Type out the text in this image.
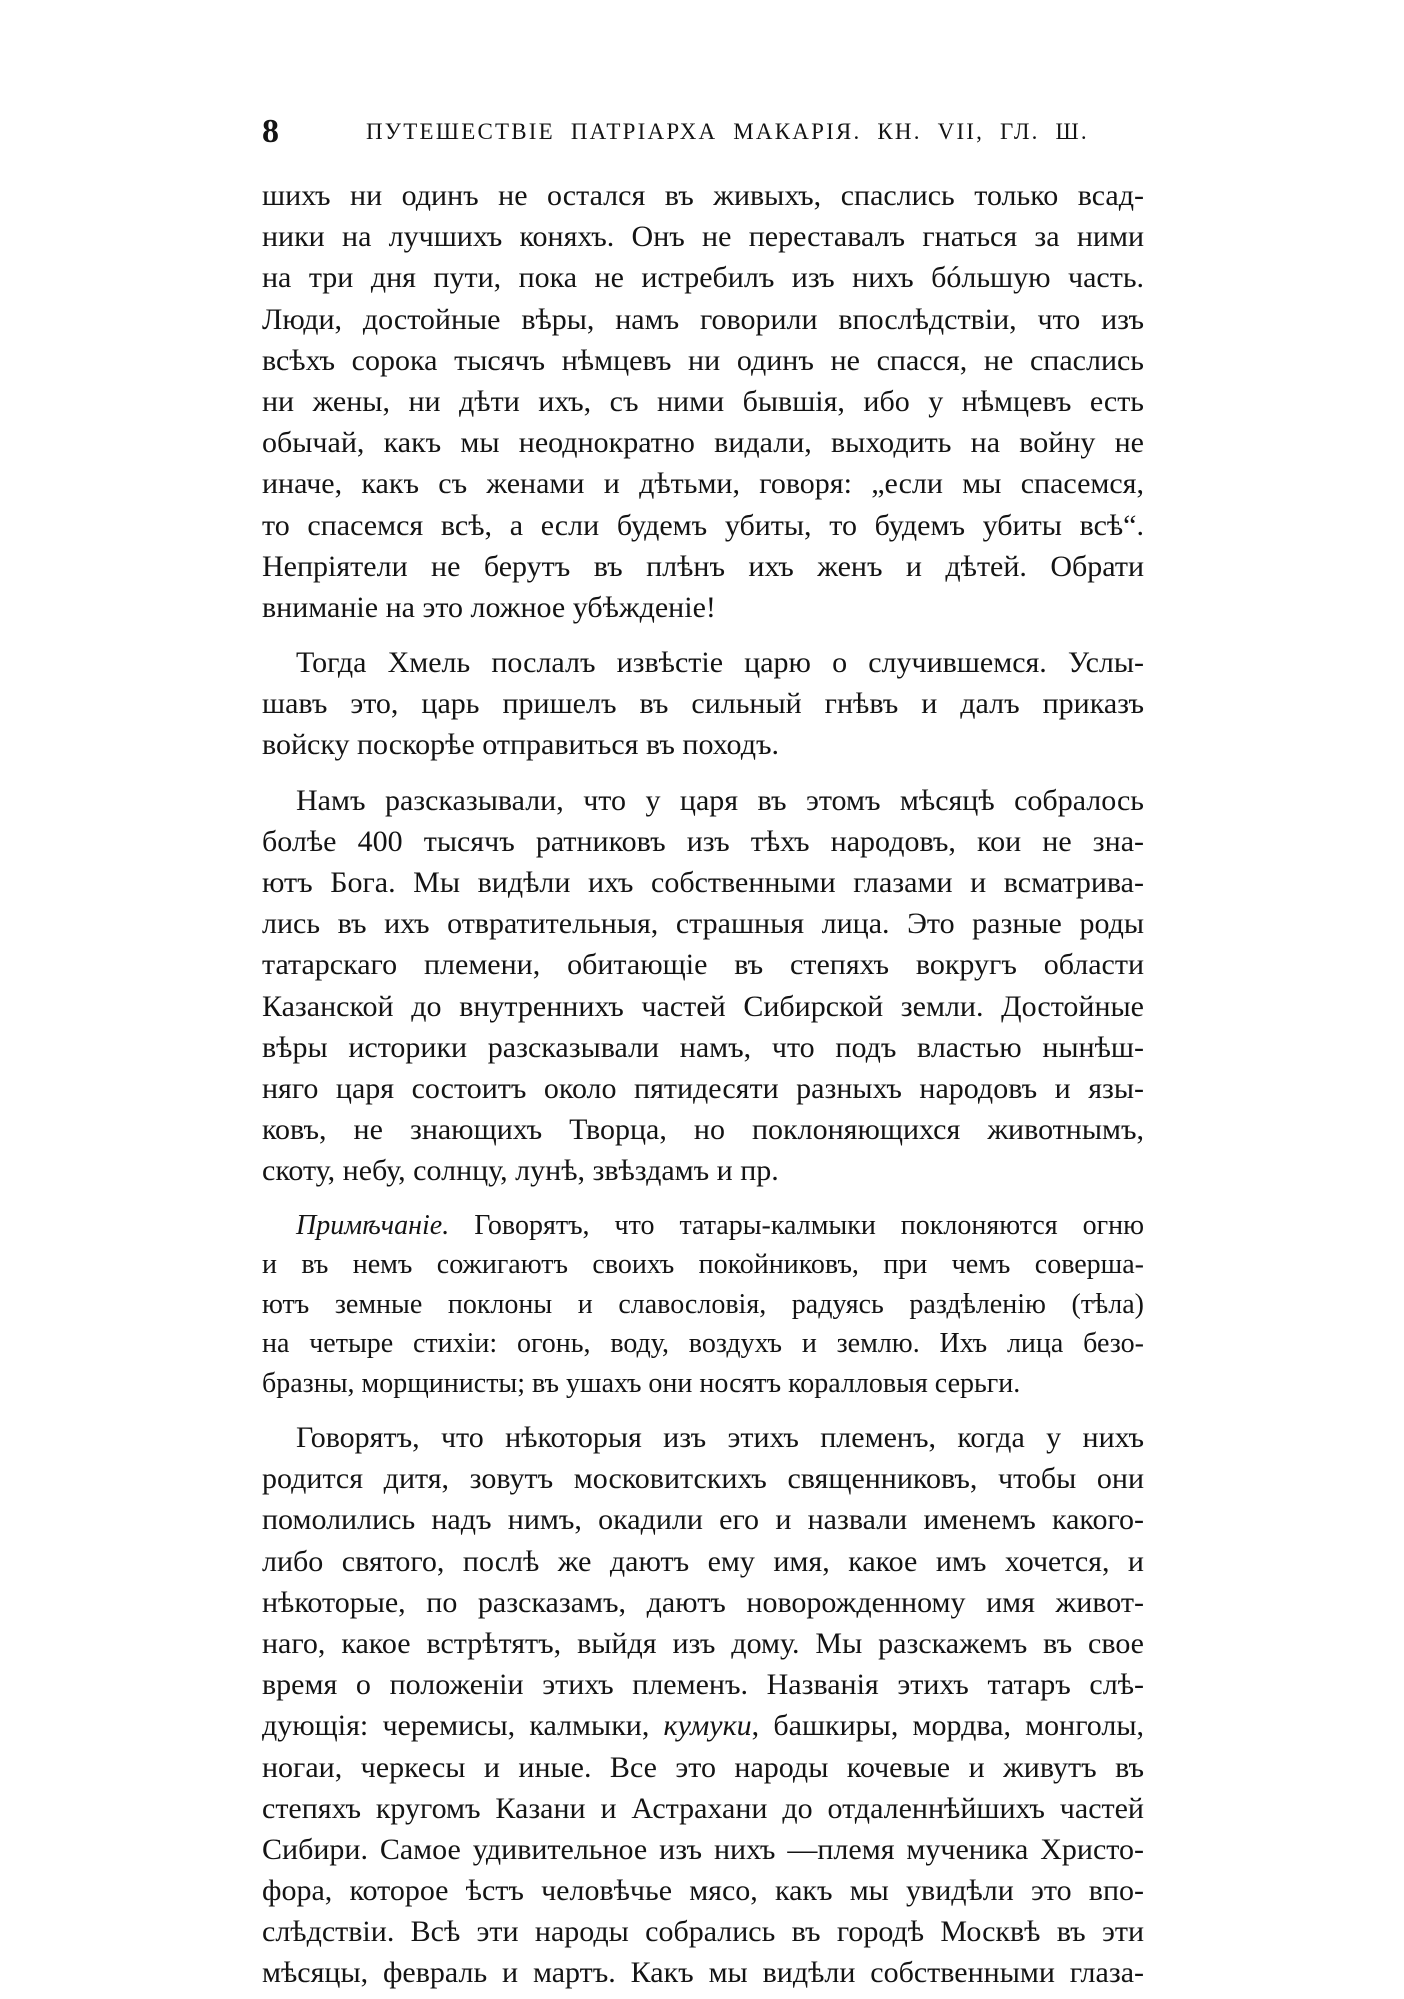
8	ПУТЕШЕСТВІЕ ПАТРІАРХА МАКАРІЯ. КН. VII, ГЛ. Ш.
шихъ ни одинъ не остался въ живыхъ, спаслись только всад-
ники на лучшихъ коняхъ. Онъ не переставалъ гнаться за ними
на три дня пути, пока не истребилъ изъ нихъ бóльшую часть.
Люди, достойные вѣры, намъ говорили впослѣдствіи, что изъ
всѣхъ сорока тысячъ нѣмцевъ ни одинъ не спасся, не спаслись
ни жены, ни дѣти ихъ, съ ними бывшія, ибо у нѣмцевъ есть
обычай, какъ мы неоднократно видали, выходить на войну не
иначе, какъ съ женами и дѣтьми, говоря: „если мы спасемся,
то спасемся всѣ, а если будемъ убиты, то будемъ убиты всѣ“.
Непріятели не берутъ въ плѣнъ ихъ женъ и дѣтей. Обрати
вниманіе на это ложное убѣжденіе!
Тогда Хмель послалъ извѣстіе царю о случившемся. Услы-
шавъ это, царь пришелъ въ сильный гнѣвъ и далъ приказъ
войску поскорѣе отправиться въ походъ.
Намъ разсказывали, что у царя въ этомъ мѣсяцѣ собралось
болѣе 400 тысячъ ратниковъ изъ тѣхъ народовъ, кои не зна-
ютъ Бога. Мы видѣли ихъ собственными глазами и всматрива-
лись въ ихъ отвратительныя, страшныя лица. Это разные роды
татарскаго племени, обитающіе въ степяхъ вокругъ области
Казанской до внутреннихъ частей Сибирской земли. Достойные
вѣры историки разсказывали намъ, что подъ властью нынѣш-
няго царя состоитъ около пятидесяти разныхъ народовъ и язы-
ковъ, не знающихъ Творца, но поклоняющихся животнымъ,
скоту, небу, солнцу, лунѣ, звѣздамъ и пр.
Примѣчаніе. Говорятъ, что татары-калмыки поклоняются огню
и въ немъ сожигаютъ своихъ покойниковъ, при чемъ соверша-
ютъ земные поклоны и славословія, радуясь раздѣленію (тѣла)
на четыре стихіи: огонь, воду, воздухъ и землю. Ихъ лица безо-
бразны, морщинисты; въ ушахъ они носятъ коралловыя серьги.
Говорятъ, что нѣкоторыя изъ этихъ племенъ, когда у нихъ
родится дитя, зовутъ московитскихъ священниковъ, чтобы они
помолились надъ нимъ, окадили его и назвали именемъ какого-
либо святого, послѣ же даютъ ему имя, какое имъ хочется, и
нѣкоторые, по разсказамъ, даютъ новорожденному имя живот-
наго, какое встрѣтятъ, выйдя изъ дому. Мы разскажемъ въ свое
время о положеніи этихъ племенъ. Названія этихъ татаръ слѣ-
дующія: черемисы, калмыки, кумуки, башкиры, мордва, монголы,
ногаи, черкесы и иные. Все это народы кочевые и живутъ въ
степяхъ кругомъ Казани и Астрахани до отдаленнѣйшихъ частей
Сибири. Самое удивительное изъ нихъ —племя мученика Христо-
фора, которое ѣстъ человѣчье мясо, какъ мы увидѣли это впо-
слѣдствіи. Всѣ эти народы собрались въ городѣ Москвѣ въ эти
мѣсяцы, февраль и мартъ. Какъ мы видѣли собственными глаза-
